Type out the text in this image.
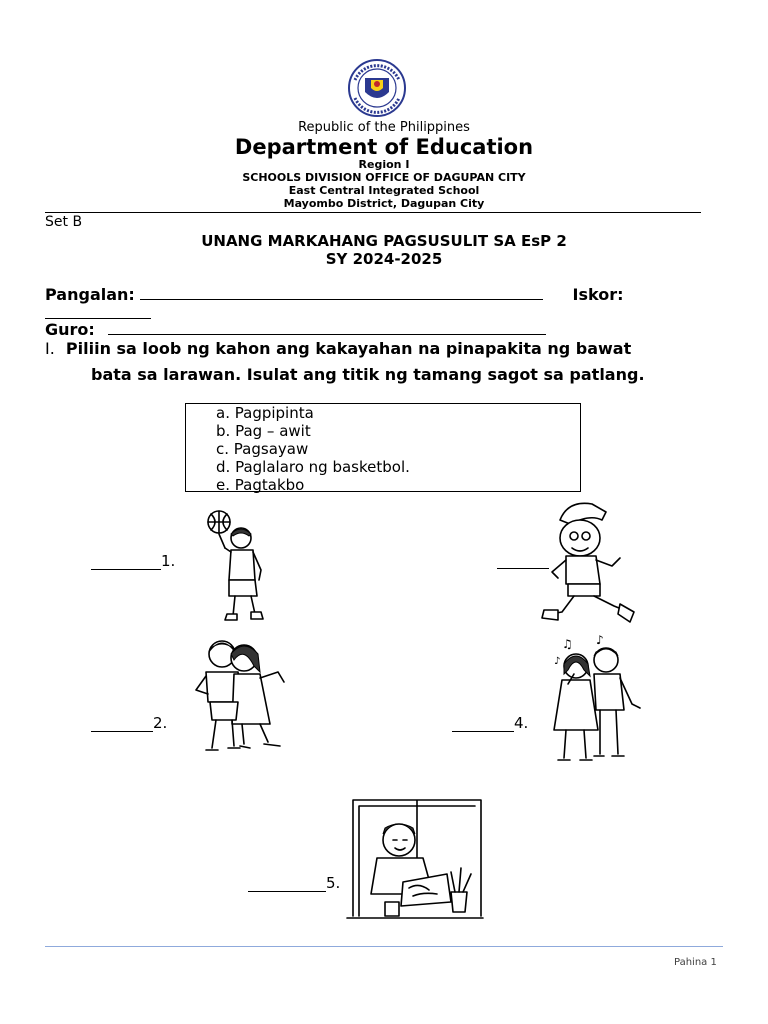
Republic of the Philippines
Department of Education
Region I
SCHOOLS DIVISION OFFICE OF DAGUPAN CITY
East Central Integrated School
Mayombo District, Dagupan City
Set B
UNANG MARKAHANG PAGSUSULIT SA EsP 2
SY 2024-2025
Pangalan:	Iskor:
Guro:
I. Piliin sa loob ng kahon ang kakayahan na pinapakita ng bawat
bata sa larawan. Isulat ang titik ng tamang sagot sa patlang.
a. Pagpipinta
b. Pag – awit
c. Pagsayaw
d. Paglalaro ng basketbol.
e. Pagtakbo
1.
2.	4.
5.
♫ ♪
♪
Pahina 1
